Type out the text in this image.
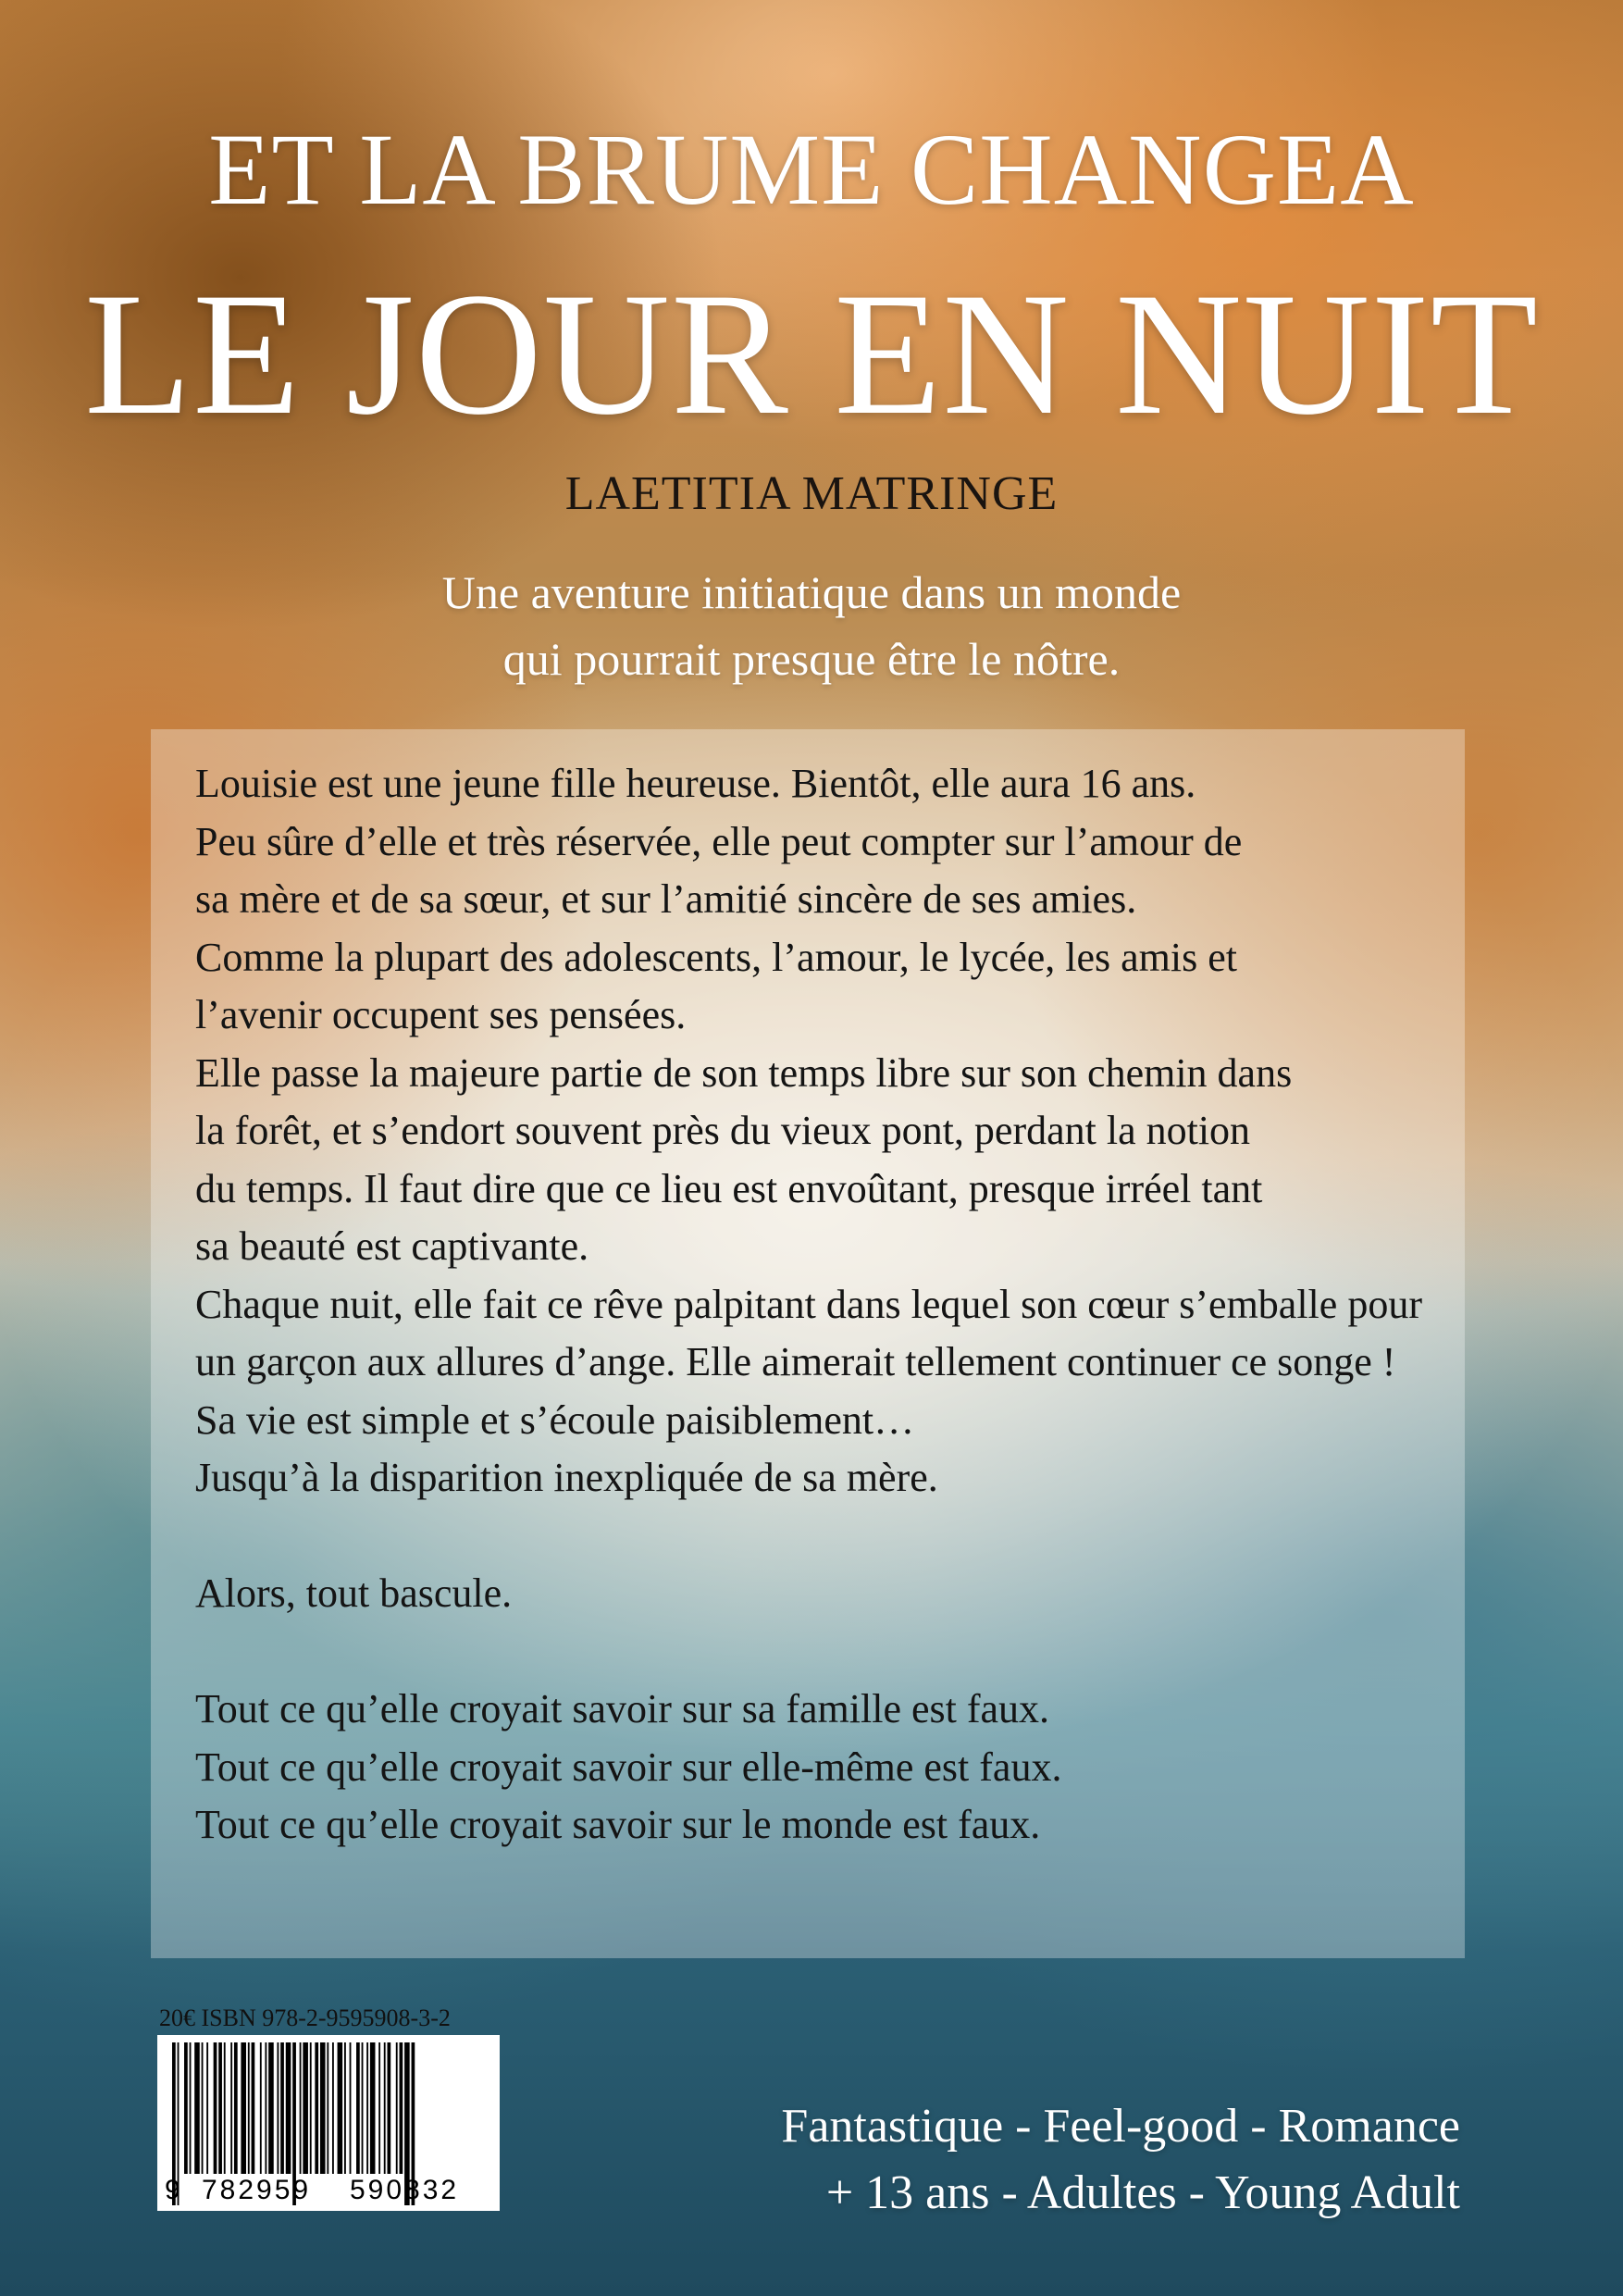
ET LA BRUME CHANGEA
LE JOUR EN NUIT
LAETITIA MATRINGE
Une aventure initiatique dans un monde
qui pourrait presque être le nôtre.
Louisie est une jeune fille heureuse. Bientôt, elle aura 16 ans.
Peu sûre d’elle et très réservée, elle peut compter sur l’amour de
sa mère et de sa sœur, et sur l’amitié sincère de ses amies.
Comme la plupart des adolescents, l’amour, le lycée, les amis et
l’avenir occupent ses pensées.
Elle passe la majeure partie de son temps libre sur son chemin dans
la forêt, et s’endort souvent près du vieux pont, perdant la notion
du temps. Il faut dire que ce lieu est envoûtant, presque irréel tant
sa beauté est captivante.
Chaque nuit, elle fait ce rêve palpitant dans lequel son cœur s’emballe pour un garçon aux allures d’ange. Elle aimerait tellement continuer ce songe !
Sa vie est simple et s’écoule paisiblement…
Jusqu’à la disparition inexpliquée de sa mère.
Alors, tout bascule.
Tout ce qu’elle croyait savoir sur sa famille est faux.
Tout ce qu’elle croyait savoir sur elle-même est faux.
Tout ce qu’elle croyait savoir sur le monde est faux.
20€ ISBN 978-2-9595908-3-2
9 782959 590832
Fantastique - Feel-good - Romance
+ 13 ans - Adultes - Young Adult
